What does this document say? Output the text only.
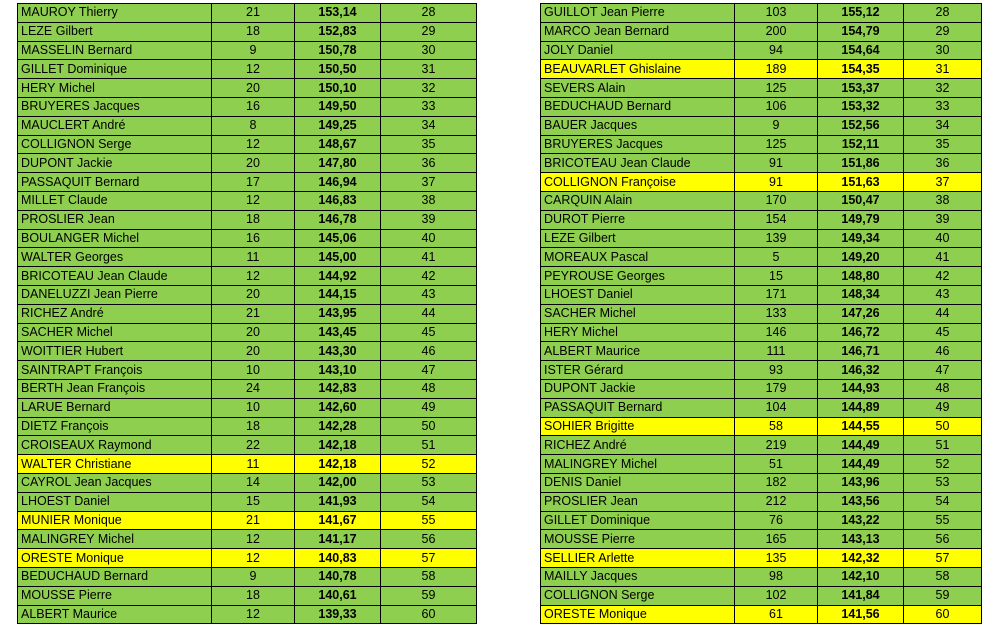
MAUROY Thierry	21	153,14	28
LEZE Gilbert	18	152,83	29
MASSELIN Bernard	9	150,78	30
GILLET Dominique	12	150,50	31
HERY Michel	20	150,10	32
BRUYERES Jacques	16	149,50	33
MAUCLERT André	8	149,25	34
COLLIGNON Serge	12	148,67	35
DUPONT Jackie	20	147,80	36
PASSAQUIT Bernard	17	146,94	37
MILLET Claude	12	146,83	38
PROSLIER Jean	18	146,78	39
BOULANGER Michel	16	145,06	40
WALTER Georges	11	145,00	41
BRICOTEAU Jean Claude	12	144,92	42
DANELUZZI Jean Pierre	20	144,15	43
RICHEZ André	21	143,95	44
SACHER Michel	20	143,45	45
WOITTIER Hubert	20	143,30	46
SAINTRAPT François	10	143,10	47
BERTH Jean François	24	142,83	48
LARUE Bernard	10	142,60	49
DIETZ François	18	142,28	50
CROISEAUX Raymond	22	142,18	51
WALTER Christiane	11	142,18	52
CAYROL Jean Jacques	14	142,00	53
LHOEST Daniel	15	141,93	54
MUNIER Monique	21	141,67	55
MALINGREY Michel	12	141,17	56
ORESTE Monique	12	140,83	57
BEDUCHAUD Bernard	9	140,78	58
MOUSSE Pierre	18	140,61	59
ALBERT Maurice	12	139,33	60
GUILLOT Jean Pierre	103	155,12	28
MARCO Jean Bernard	200	154,79	29
JOLY Daniel	94	154,64	30
BEAUVARLET Ghislaine	189	154,35	31
SEVERS Alain	125	153,37	32
BEDUCHAUD Bernard	106	153,32	33
BAUER Jacques	9	152,56	34
BRUYERES Jacques	125	152,11	35
BRICOTEAU Jean Claude	91	151,86	36
COLLIGNON Françoise	91	151,63	37
CARQUIN Alain	170	150,47	38
DUROT Pierre	154	149,79	39
LEZE Gilbert	139	149,34	40
MOREAUX Pascal	5	149,20	41
PEYROUSE Georges	15	148,80	42
LHOEST Daniel	171	148,34	43
SACHER Michel	133	147,26	44
HERY Michel	146	146,72	45
ALBERT Maurice	111	146,71	46
ISTER Gérard	93	146,32	47
DUPONT Jackie	179	144,93	48
PASSAQUIT Bernard	104	144,89	49
SOHIER Brigitte	58	144,55	50
RICHEZ André	219	144,49	51
MALINGREY Michel	51	144,49	52
DENIS Daniel	182	143,96	53
PROSLIER Jean	212	143,56	54
GILLET Dominique	76	143,22	55
MOUSSE Pierre	165	143,13	56
SELLIER Arlette	135	142,32	57
MAILLY Jacques	98	142,10	58
COLLIGNON Serge	102	141,84	59
ORESTE Monique	61	141,56	60
